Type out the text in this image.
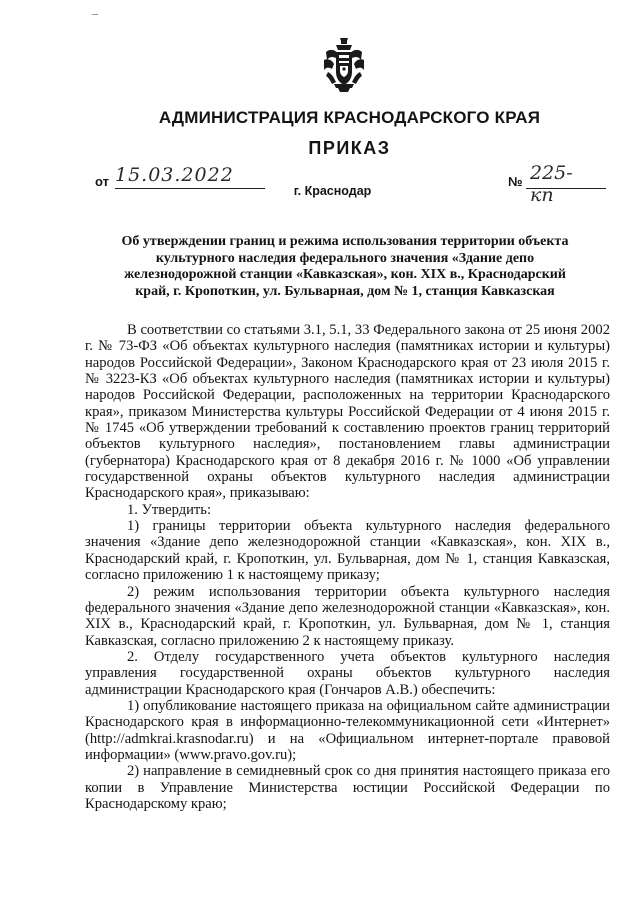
АДМИНИСТРАЦИЯ КРАСНОДАРСКОГО КРАЯ
ПРИКАЗ
от 15.03.2022	№ 225-кп
г. Краснодар
Об утверждении границ и режима использования территории объекта культурного наследия федерального значения «Здание депо железнодорожной станции «Кавказская», кон. XIX в., Краснодарский край, г. Кропоткин, ул. Бульварная, дом № 1, станция Кавказская

В соответствии со статьями 3.1, 5.1, 33 Федерального закона от 25 июня 2002 г. № 73-ФЗ «Об объектах культурного наследия (памятниках истории и культуры) народов Российской Федерации», Законом Краснодарского края от 23 июля 2015 г. № 3223-КЗ «Об объектах культурного наследия (памятниках истории и культуры) народов Российской Федерации, расположенных на территории Краснодарского края», приказом Министерства культуры Российской Федерации от 4 июня 2015 г. № 1745 «Об утверждении требований к составлению проектов границ территорий объектов культурного наследия», постановлением главы администрации (губернатора) Краснодарского края от 8 декабря 2016 г. № 1000 «Об управлении государственной охраны объектов культурного наследия администрации Краснодарского края», приказываю:

1. Утвердить:

1) границы территории объекта культурного наследия федерального значения «Здание депо железнодорожной станции «Кавказская», кон. XIX в., Краснодарский край, г. Кропоткин, ул. Бульварная, дом № 1, станция Кавказская, согласно приложению 1 к настоящему приказу;

2) режим использования территории объекта культурного наследия федерального значения «Здание депо железнодорожной станции «Кавказская», кон. XIX в., Краснодарский край, г. Кропоткин, ул. Бульварная, дом № 1, станция Кавказская, согласно приложению 2 к настоящему приказу.

2. Отделу государственного учета объектов культурного наследия управления государственной охраны объектов культурного наследия администрации Краснодарского края (Гончаров А.В.) обеспечить:

1) опубликование настоящего приказа на официальном сайте администрации Краснодарского края в информационно-телекоммуникационной сети «Интернет» (http://admkrai.krasnodar.ru) и на «Официальном интернет-портале правовой информации» (www.pravo.gov.ru);

2) направление в семидневный срок со дня принятия настоящего приказа его копии в Управление Министерства юстиции Российской Федерации по Краснодарскому краю;
